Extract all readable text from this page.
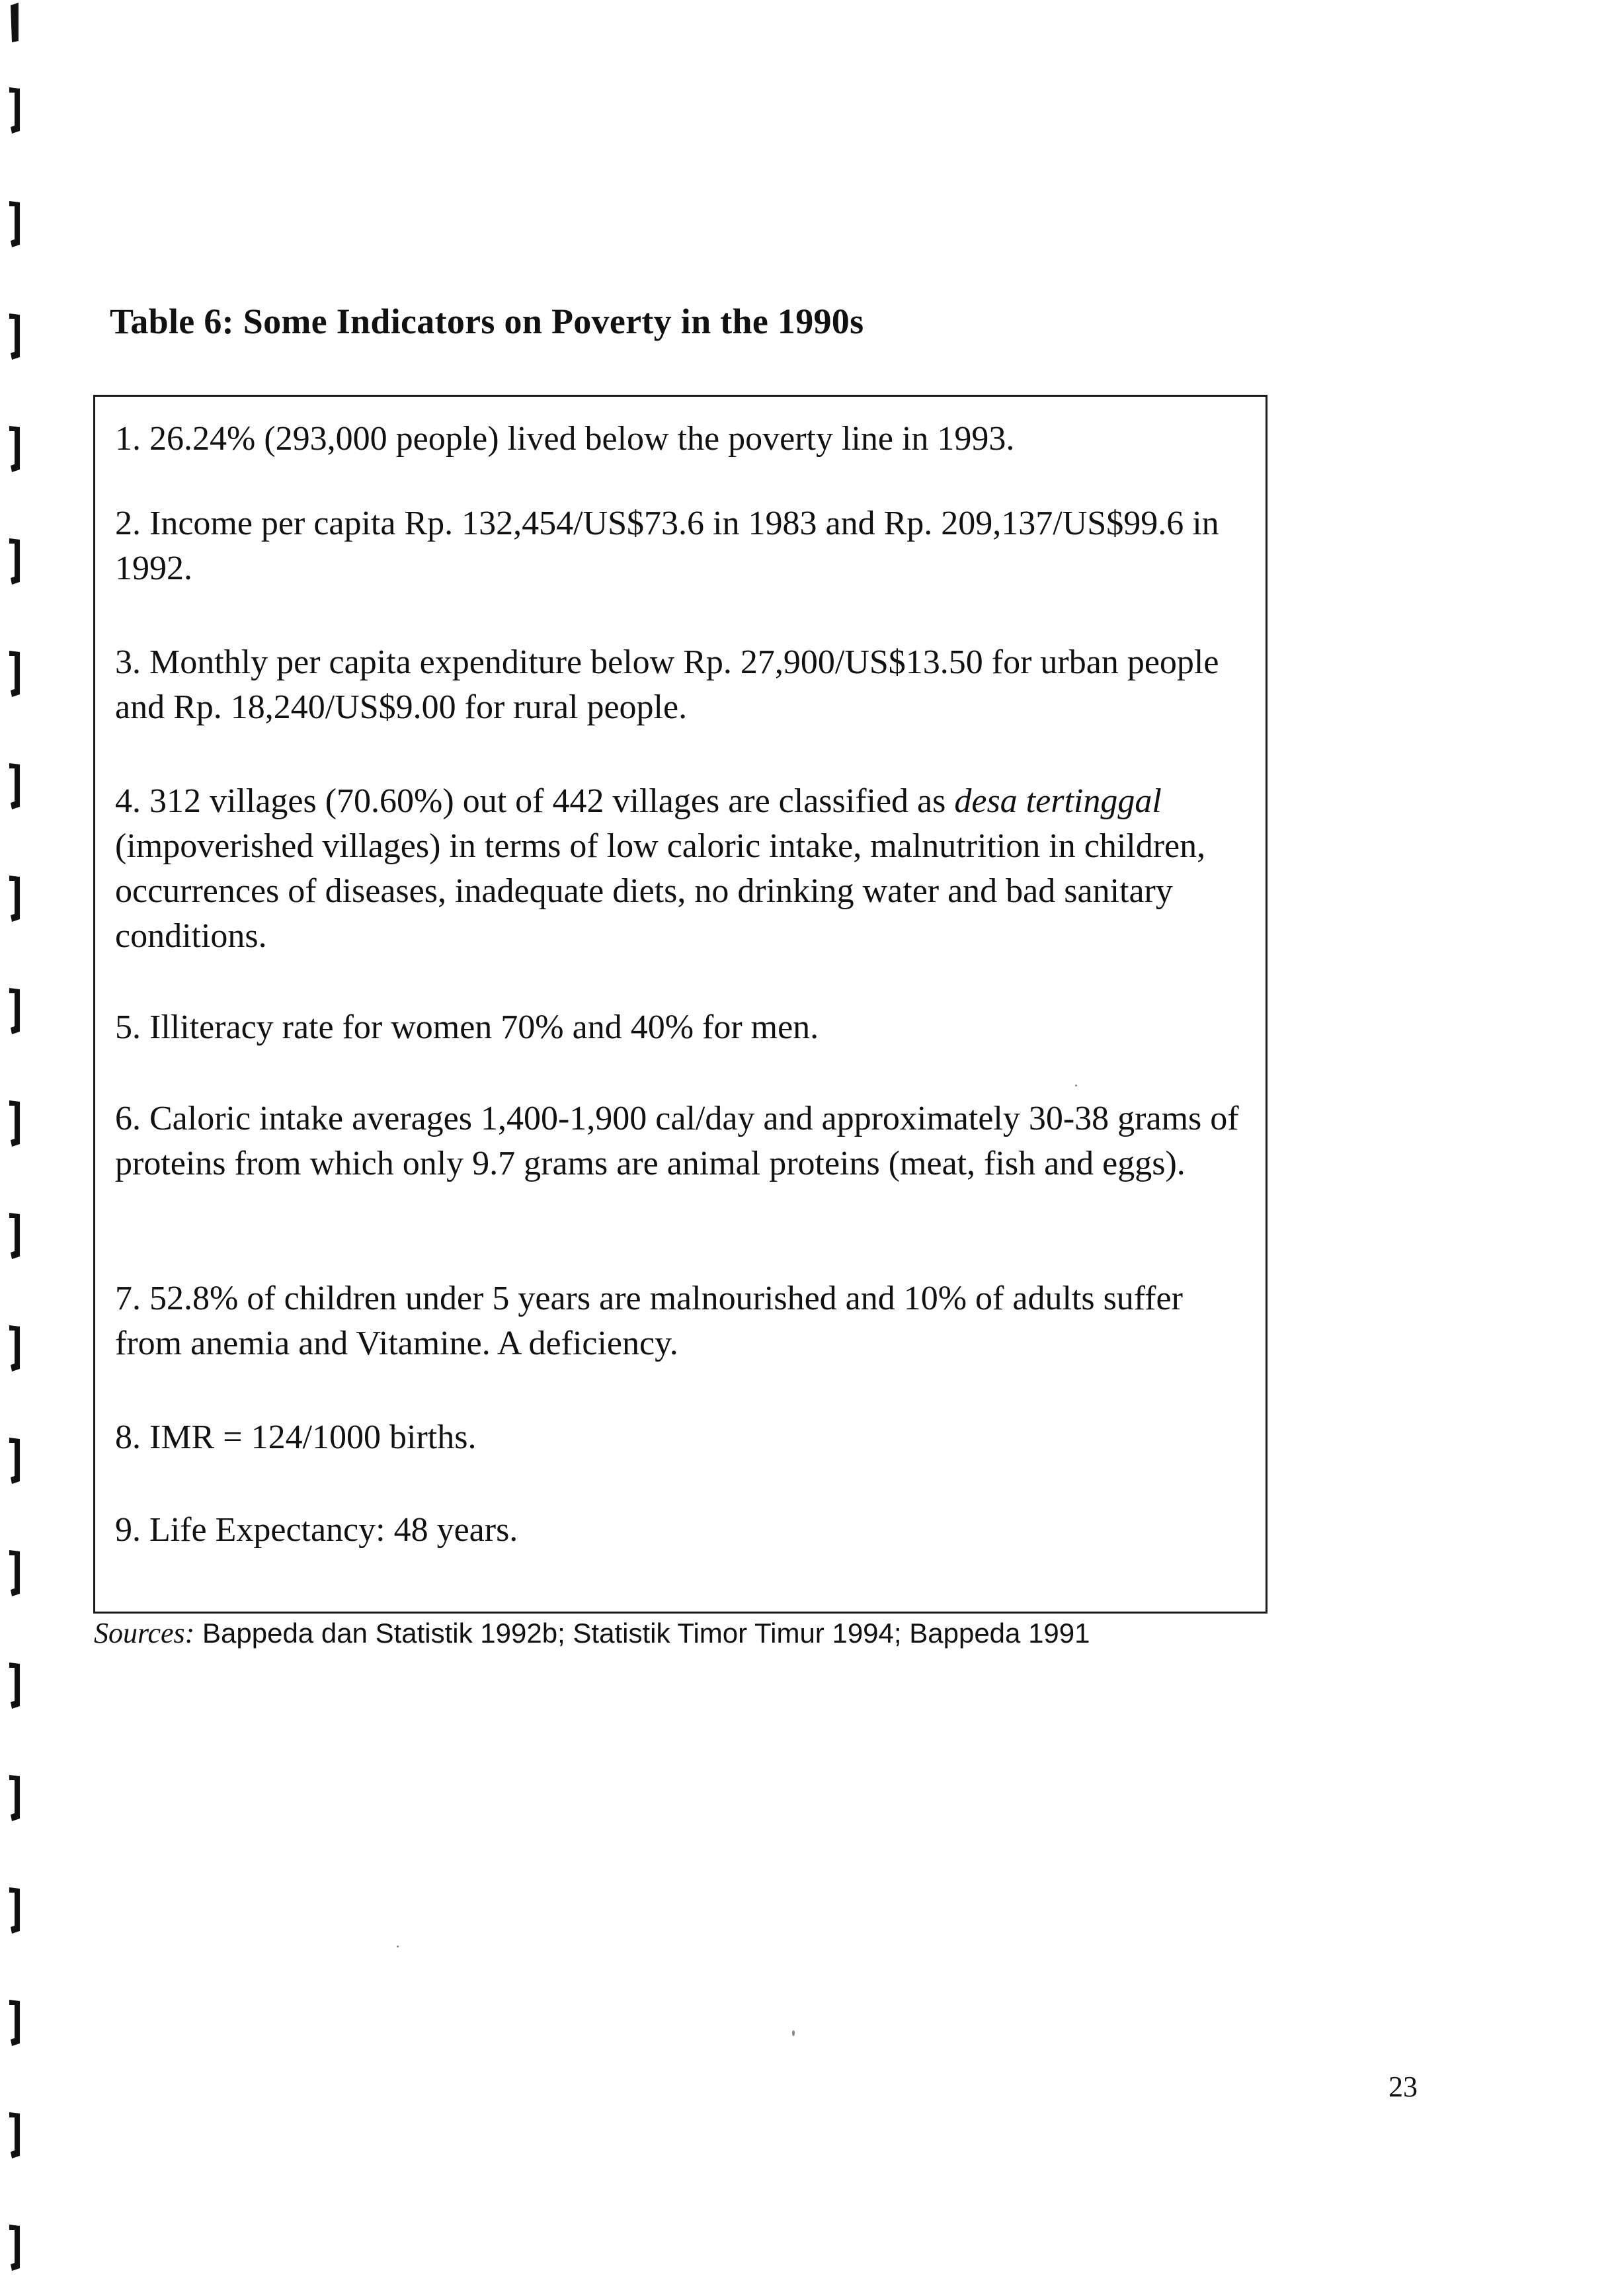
Table 6: Some Indicators on Poverty in the 1990s
1. 26.24% (293,000 people) lived below the poverty line in 1993.
2. Income per capita Rp. 132,454/US$73.6 in 1983 and Rp. 209,137/US$99.6 in 1992.
3. Monthly per capita expenditure below Rp. 27,900/US$13.50 for urban people and Rp. 18,240/US$9.00 for rural people.
4. 312 villages (70.60%) out of 442 villages are classified as desa tertinggal (impoverished villages) in terms of low caloric intake, malnutrition in children, occurrences of diseases, inadequate diets, no drinking water and bad sanitary conditions.
5. Illiteracy rate for women 70% and 40% for men.
6. Caloric intake averages 1,400-1,900 cal/day and approximately 30-38 grams of proteins from which only 9.7 grams are animal proteins (meat, fish and eggs).
7. 52.8% of children under 5 years are malnourished and 10% of adults suffer from anemia and Vitamine. A deficiency.
8. IMR = 124/1000 births.
9. Life Expectancy: 48 years.
Sources: Bappeda dan Statistik 1992b; Statistik Timor Timur 1994; Bappeda 1991
23
